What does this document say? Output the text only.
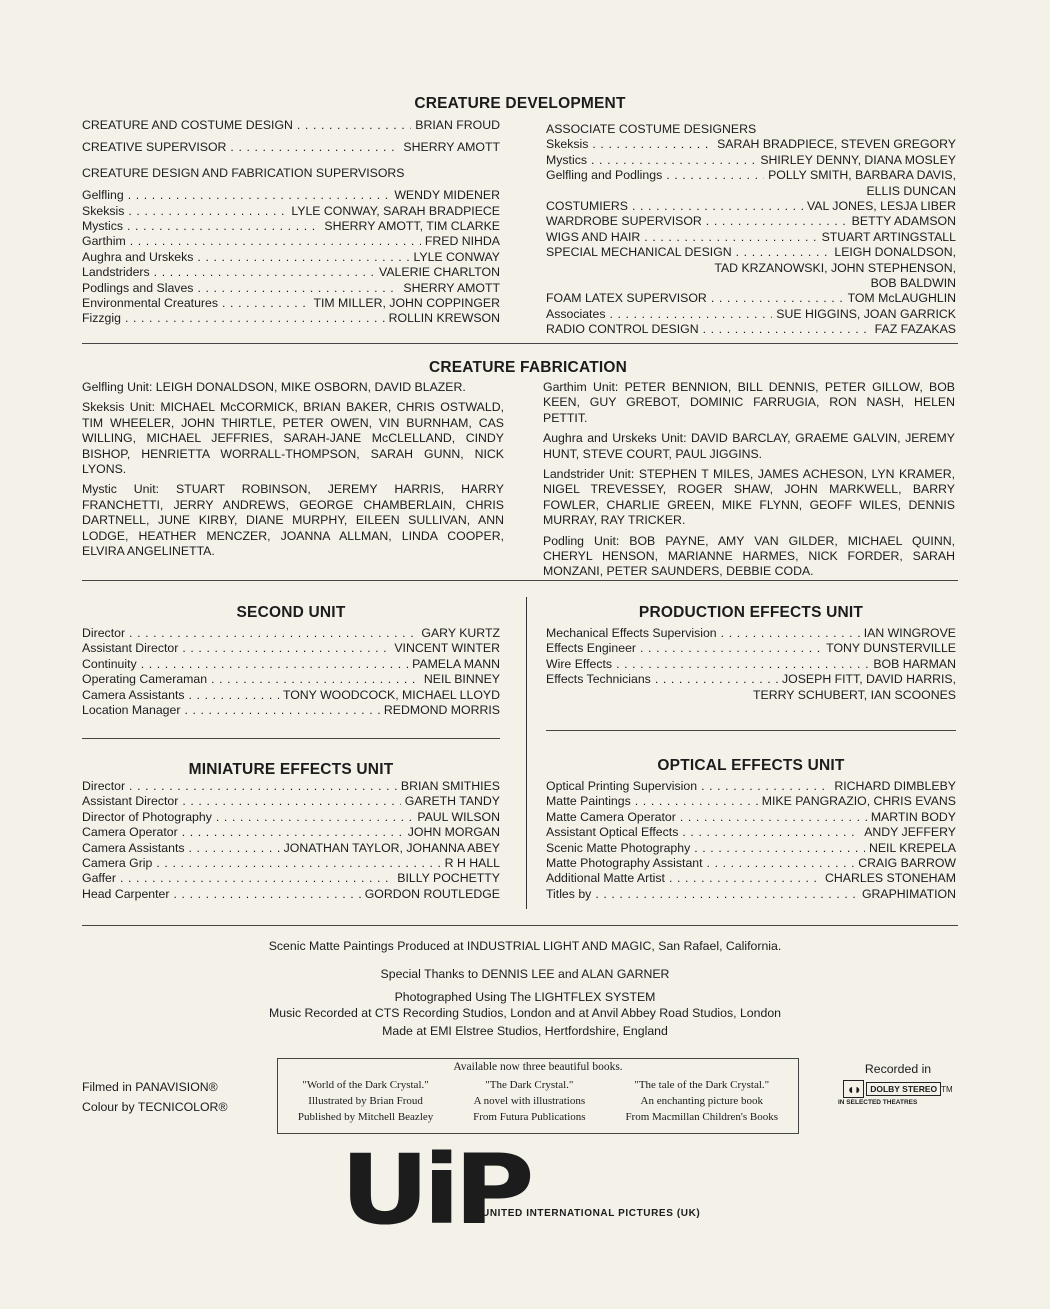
CREATURE DEVELOPMENT
CREATURE AND COSTUME DESIGN . . .	BRIAN FROUD
CREATIVE SUPERVISOR . . .	SHERRY AMOTT
CREATURE DESIGN AND FABRICATION SUPERVISORS
Gelfling . . .	WENDY MIDENER
Skeksis . . .	LYLE CONWAY, SARAH BRADPIECE
Mystics . . .	SHERRY AMOTT, TIM CLARKE
Garthim . . .	FRED NIHDA
Aughra and Urskeks . . .	LYLE CONWAY
Landstriders . . .	VALERIE CHARLTON
Podlings and Slaves . . .	SHERRY AMOTT
Environmental Creatures . . .	TIM MILLER, JOHN COPPINGER
Fizzgig . . .	ROLLIN KREWSON
ASSOCIATE COSTUME DESIGNERS
Skeksis . . .	SARAH BRADPIECE, STEVEN GREGORY
Mystics . . .	SHIRLEY DENNY, DIANA MOSLEY
Gelfling and Podlings . . .	POLLY SMITH, BARBARA DAVIS,
ELLIS DUNCAN
COSTUMIERS . . .	VAL JONES, LESJA LIBER
WARDROBE SUPERVISOR . . .	BETTY ADAMSON
WIGS AND HAIR . . .	STUART ARTINGSTALL
SPECIAL MECHANICAL DESIGN . . .	LEIGH DONALDSON,
TAD KRZANOWSKI, JOHN STEPHENSON,
BOB BALDWIN
FOAM LATEX SUPERVISOR . . .	TOM McLAUGHLIN
Associates . . .	SUE HIGGINS, JOAN GARRICK
RADIO CONTROL DESIGN . . .	FAZ FAZAKAS
CREATURE FABRICATION
Gelfling Unit: LEIGH DONALDSON, MIKE OSBORN, DAVID BLAZER.
Skeksis Unit: MICHAEL McCORMICK, BRIAN BAKER, CHRIS OSTWALD, TIM WHEELER, JOHN THIRTLE, PETER OWEN, VIN BURNHAM, CAS WILLING, MICHAEL JEFFRIES, SARAH-JANE McCLELLAND, CINDY BISHOP, HENRIETTA WORRALL-THOMPSON, SARAH GUNN, NICK LYONS.
Mystic Unit: STUART ROBINSON, JEREMY HARRIS, HARRY FRANCHETTI, JERRY ANDREWS, GEORGE CHAMBERLAIN, CHRIS DARTNELL, JUNE KIRBY, DIANE MURPHY, EILEEN SULLIVAN, ANN LODGE, HEATHER MENCZER, JOANNA ALLMAN, LINDA COOPER, ELVIRA ANGELINETTA.
Garthim Unit: PETER BENNION, BILL DENNIS, PETER GILLOW, BOB KEEN, GUY GREBOT, DOMINIC FARRUGIA, RON NASH, HELEN PETTIT.
Aughra and Urskeks Unit: DAVID BARCLAY, GRAEME GALVIN, JEREMY HUNT, STEVE COURT, PAUL JIGGINS.
Landstrider Unit: STEPHEN T MILES, JAMES ACHESON, LYN KRAMER, NIGEL TREVESSEY, ROGER SHAW, JOHN MARKWELL, BARRY FOWLER, CHARLIE GREEN, MIKE FLYNN, GEOFF WILES, DENNIS MURRAY, RAY TRICKER.
Podling Unit: BOB PAYNE, AMY VAN GILDER, MICHAEL QUINN, CHERYL HENSON, MARIANNE HARMES, NICK FORDER, SARAH MONZANI, PETER SAUNDERS, DEBBIE CODA.
SECOND UNIT
Director . . .	GARY KURTZ
Assistant Director . . .	VINCENT WINTER
Continuity . . .	PAMELA MANN
Operating Cameraman . . .	NEIL BINNEY
Camera Assistants . . .	TONY WOODCOCK, MICHAEL LLOYD
Location Manager . . .	REDMOND MORRIS
PRODUCTION EFFECTS UNIT
Mechanical Effects Supervision . . .	IAN WINGROVE
Effects Engineer . . .	TONY DUNSTERVILLE
Wire Effects . . .	BOB HARMAN
Effects Technicians . . .	JOSEPH FITT, DAVID HARRIS,
TERRY SCHUBERT, IAN SCOONES
MINIATURE EFFECTS UNIT
Director . . .	BRIAN SMITHIES
Assistant Director . . .	GARETH TANDY
Director of Photography . . .	PAUL WILSON
Camera Operator . . .	JOHN MORGAN
Camera Assistants . . .	JONATHAN TAYLOR, JOHANNA ABEY
Camera Grip . . .	R H HALL
Gaffer . . .	BILLY POCHETTY
Head Carpenter . . .	GORDON ROUTLEDGE
OPTICAL EFFECTS UNIT
Optical Printing Supervision . . .	RICHARD DIMBLEBY
Matte Paintings . . .	MIKE PANGRAZIO, CHRIS EVANS
Matte Camera Operator . . .	MARTIN BODY
Assistant Optical Effects . . .	ANDY JEFFERY
Scenic Matte Photography . . .	NEIL KREPELA
Matte Photography Assistant . . .	CRAIG BARROW
Additional Matte Artist . . .	CHARLES STONEHAM
Titles by . . .	GRAPHIMATION
Scenic Matte Paintings Produced at INDUSTRIAL LIGHT AND MAGIC, San Rafael, California.
Special Thanks to DENNIS LEE and ALAN GARNER
Photographed Using The LIGHTFLEX SYSTEM
Music Recorded at CTS Recording Studios, London and at Anvil Abbey Road Studios, London
Made at EMI Elstree Studios, Hertfordshire, England
Filmed in PANAVISION®
Colour by TECNICOLOR®
Available now three beautiful books.
"World of the Dark Crystal."
Illustrated by Brian Froud
Published by Mitchell Beazley
"The Dark Crystal."
A novel with illustrations
From Futura Publications
"The tale of the Dark Crystal."
An enchanting picture book
From Macmillan Children's Books
Recorded in
◖◗	DOLBY STEREO TM
IN SELECTED THEATRES
UiP
UNITED INTERNATIONAL PICTURES (UK)
